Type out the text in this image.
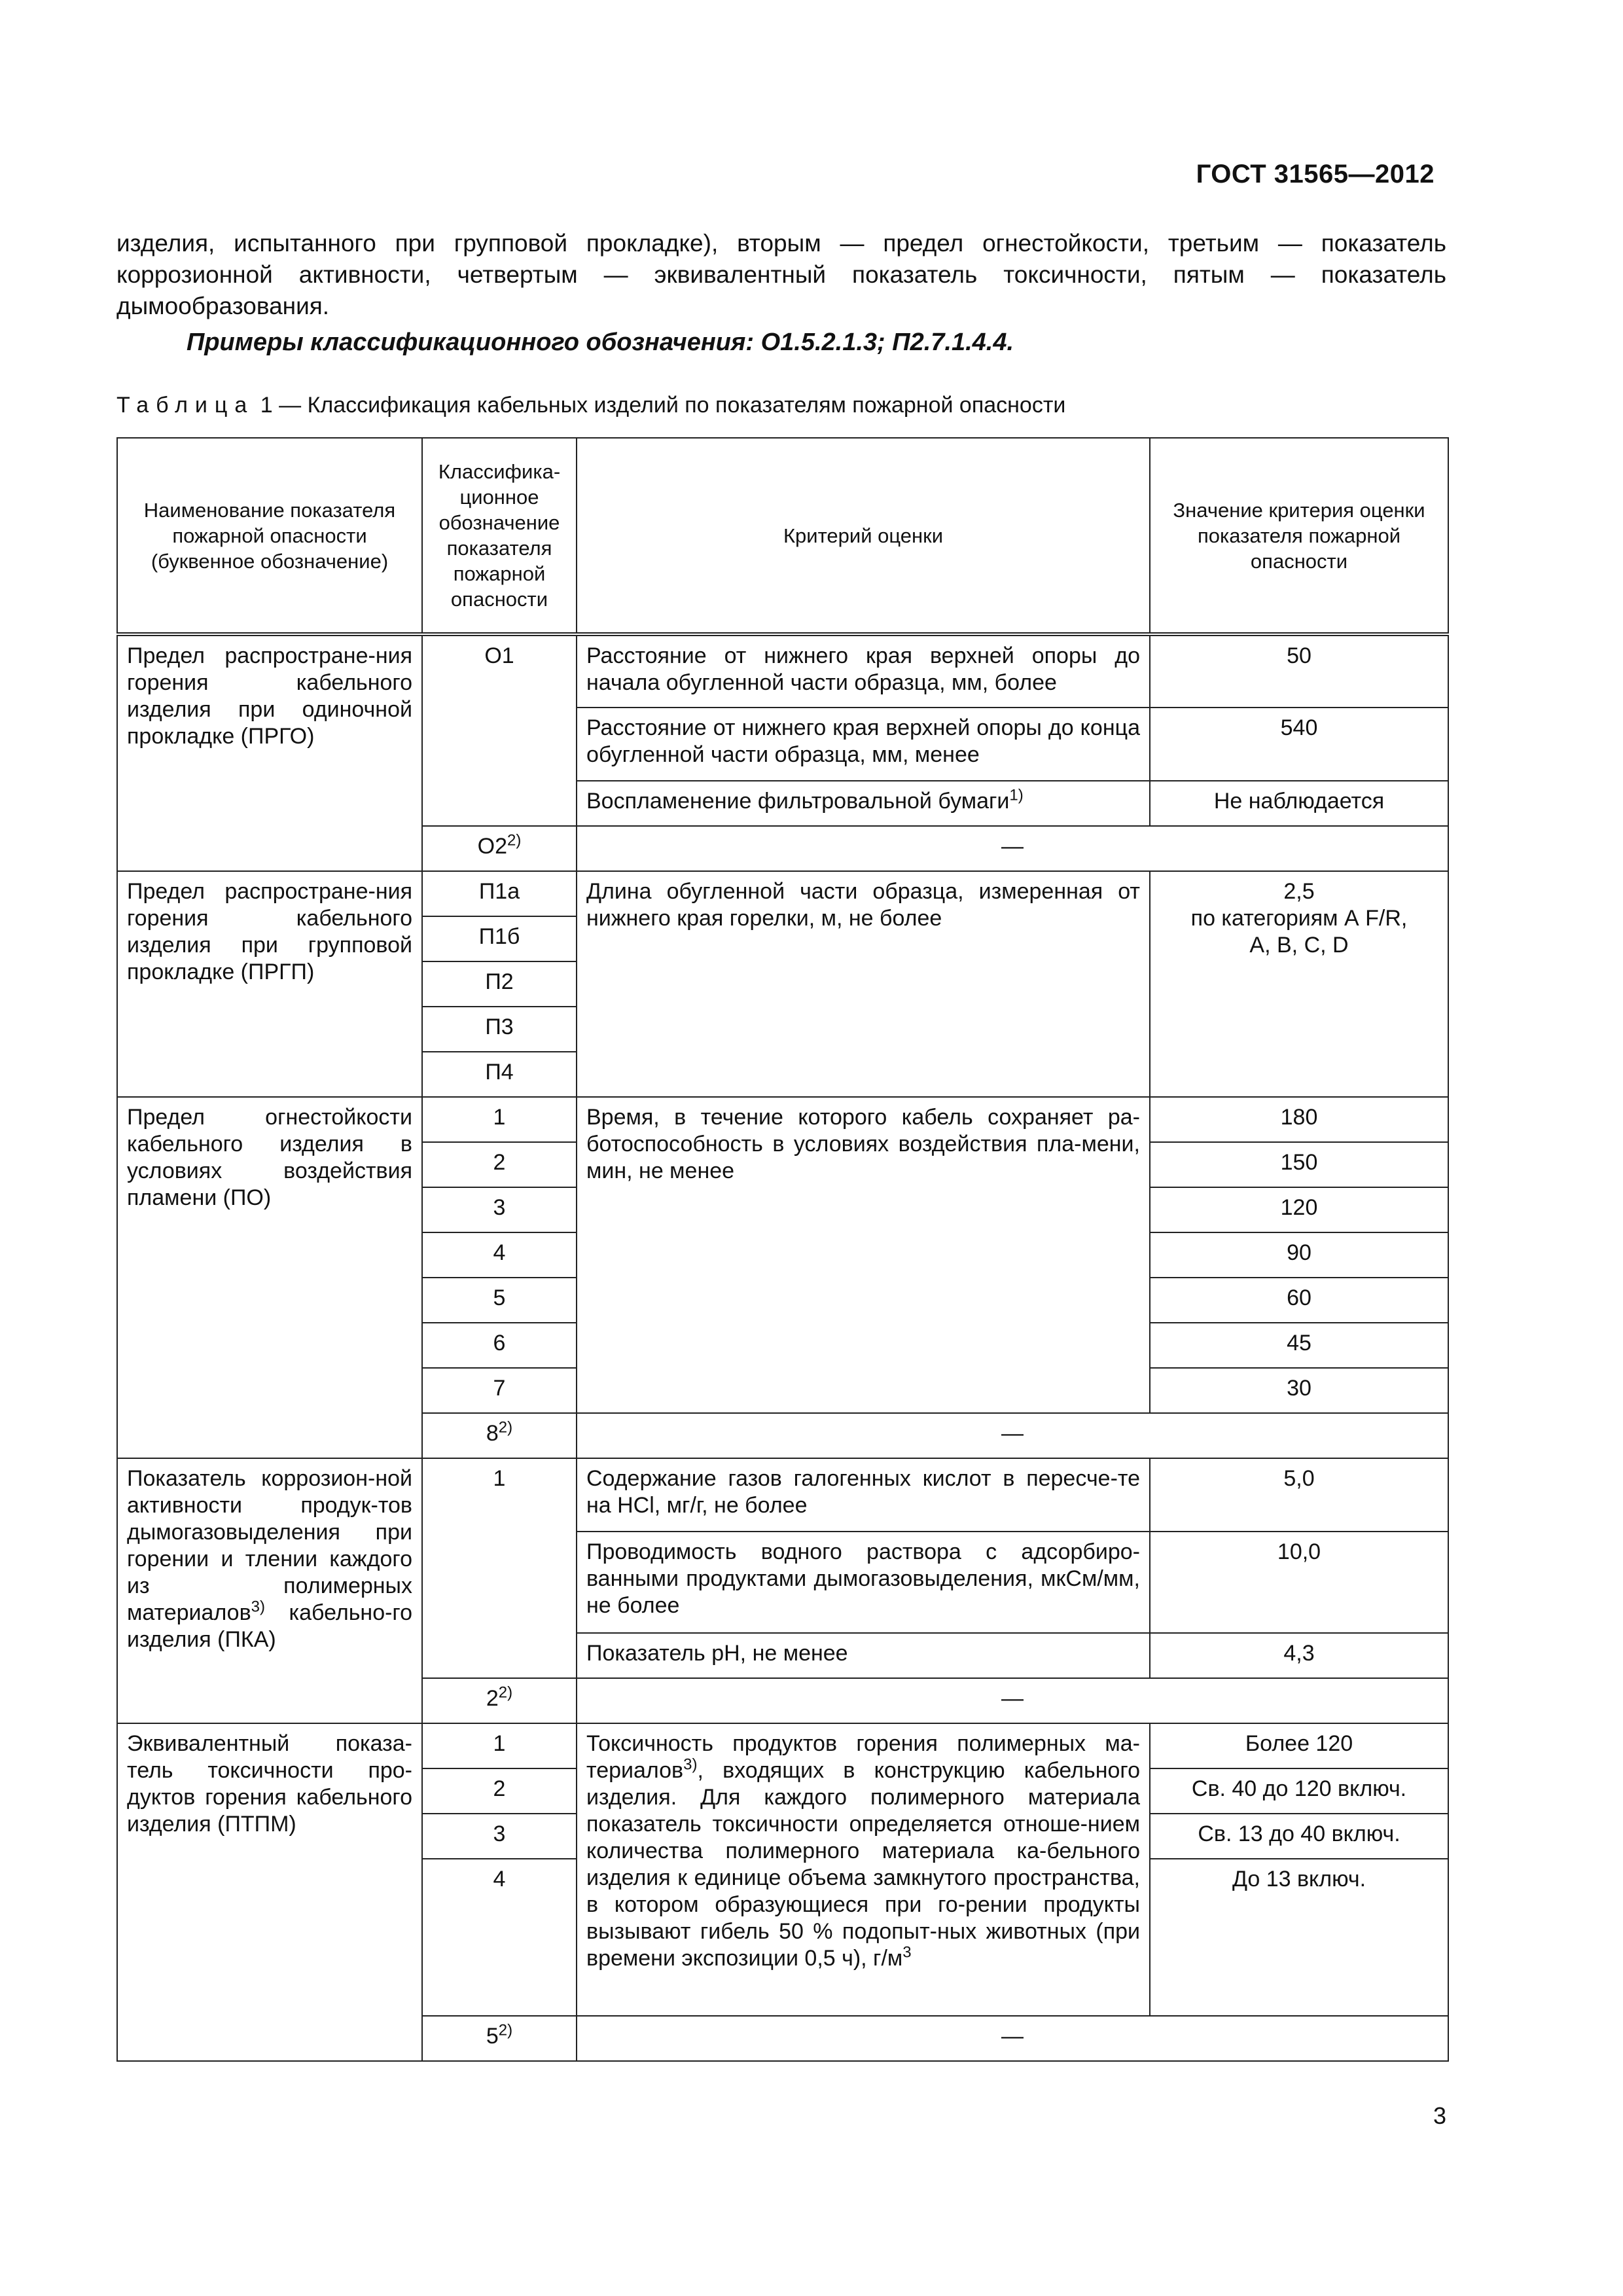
ГОСТ 31565—2012

изделия, испытанного при групповой прокладке), вторым — предел огнестойкости, третьим — показатель коррозионной активности, четвертым — эквивалентный показатель токсичности, пятым — показатель дымообразования.

Примеры классификационного обозначения: О1.5.2.1.3; П2.7.1.4.4.
Таблица 1 — Классификация кабельных изделий по показателям пожарной опасности
Наименование показателя пожарной опасности (буквенное обозначение)	Классифика-ционное обозначение показателя пожарной опасности	Критерий оценки	Значение критерия оценки показателя пожарной опасности
Предел распростране-ния горения кабельного изделия при одиночной прокладке (ПРГО)	О1	Расстояние от нижнего края верхней опоры до начала обугленной части образца, мм, более	50
		Расстояние от нижнего края верхней опоры до конца обугленной части образца, мм, менее	540
		Воспламенение фильтровальной бумаги$^{1)}$	Не наблюдается
	О2$^{2)}$	—	
Предел распростране-ния горения кабельного изделия при групповой прокладке (ПРГП)	П1а	Длина обугленной части образца, измеренная от нижнего края горелки, м, не более	2,5
по категориям А F/R,
А, В, С, D
	П1б		
	П2		
	П3		
	П4		
Предел огнестойкости кабельного изделия в условиях воздействия пламени (ПО)	1	Время, в течение которого кабель сохраняет ра-ботоспособность в условиях воздействия пла-мени, мин, не менее	180
	2		150
	3		120
	4		90
	5		60
	6		45
	7		30
	8$^{2)}$	—	
Показатель коррозион-ной активности продук-тов дымогазовыделения при горении и тлении каждого из полимерных материалов$^{3)}$ кабельно-го изделия (ПКА)	1	Содержание газов галогенных кислот в пересче-те на HCl, мг/г, не более	5,0
		Проводимость водного раствора с адсорбиро-ванными продуктами дымогазовыделения, мкСм/мм, не более	10,0
		Показатель pH, не менее	4,3
	2$^{2)}$	—	
Эквивалентный показа-тель токсичности про-дуктов горения кабельного изделия (ПТПМ)	1	Токсичность продуктов горения полимерных ма-териалов$^{3)}$, входящих в конструкцию кабельного изделия. Для каждого полимерного материала показатель токсичности определяется отноше-нием количества полимерного материала ка-бельного изделия к единице объема замкнутого пространства, в котором образующиеся при го-рении продукты вызывают гибель 50 % подопыт-ных животных (при времени экспозиции 0,5 ч), $г/м^3$	Более 120
	2		Св. 40 до 120 включ.
	3		Св. 13 до 40 включ.
	4		До 13 включ.
	5$^{2)}$	—	
3
